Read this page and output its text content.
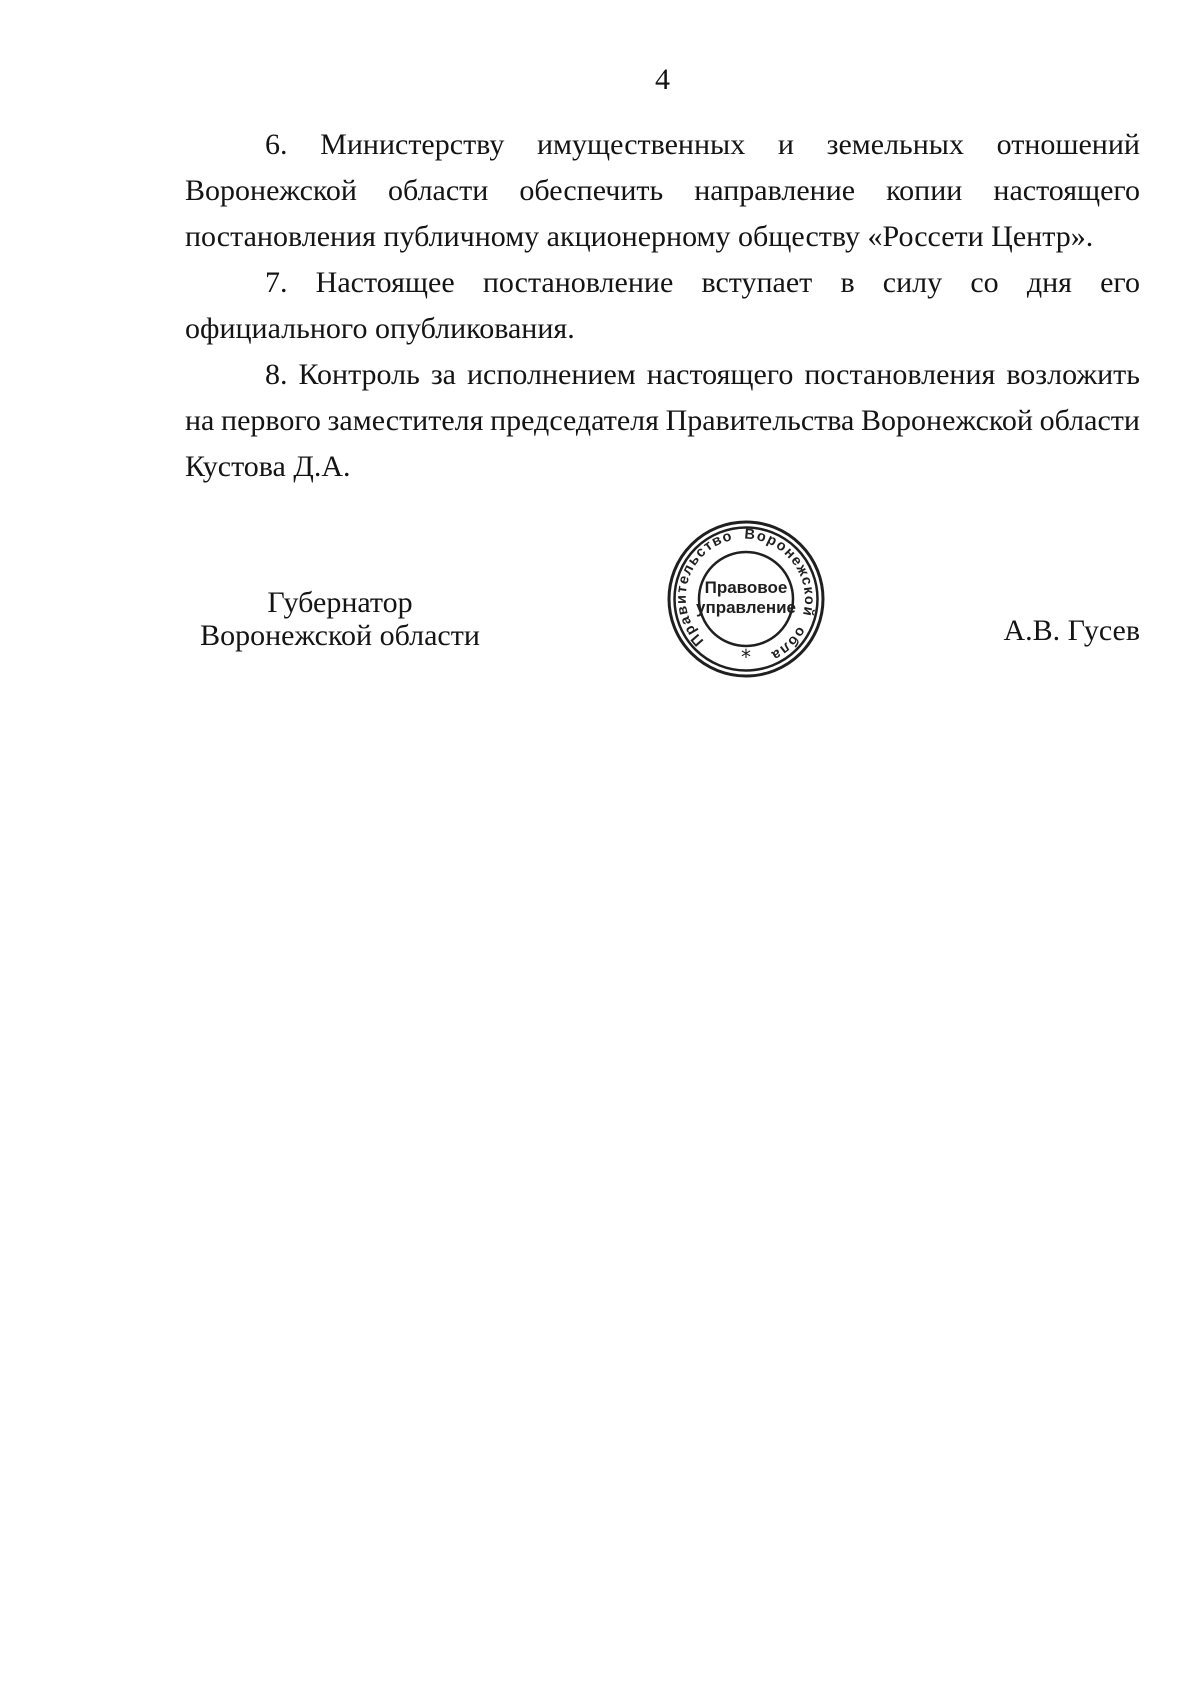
4
6. Министерству имущественных и земельных отношений
Воронежской области обеспечить направление копии настоящего
постановления публичному акционерному обществу «Россети Центр».
7. Настоящее постановление вступает в силу со дня его
официального опубликования.
8. Контроль за исполнением настоящего постановления возложить
на первого заместителя председателя Правительства Воронежской области
Кустова Д.А.
Губернатор
Воронежской области	А.В. Гусев
Правительство Воронежской обла
Правовое
управление
*
